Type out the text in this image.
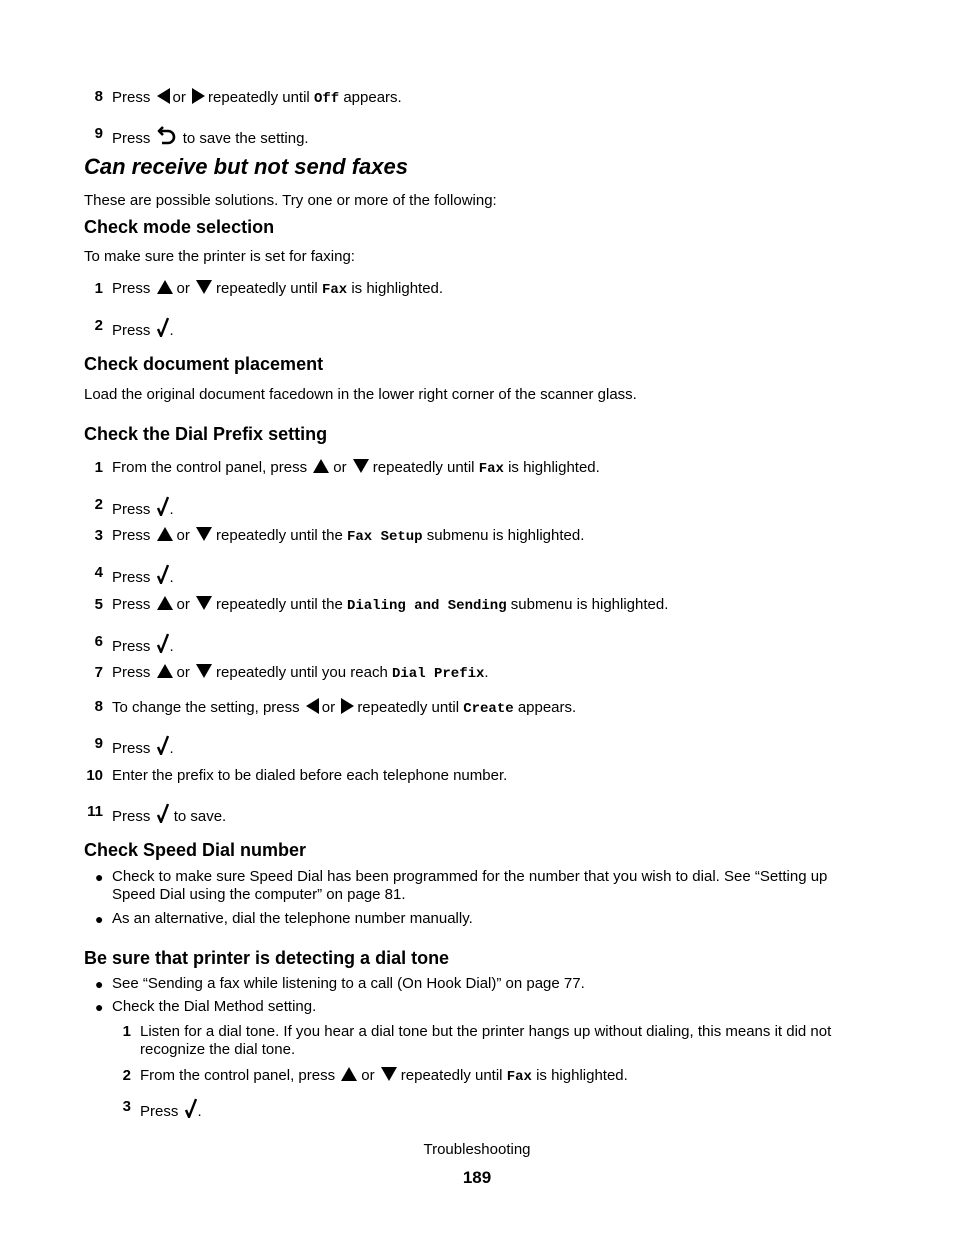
8 Press or repeatedly until Off appears.
9 Press to save the setting.
Can receive but not send faxes
These are possible solutions. Try one or more of the following:
Check mode selection
To make sure the printer is set for faxing:
1 Press or repeatedly until Fax is highlighted.
2 Press .
Check document placement
Load the original document facedown in the lower right corner of the scanner glass.
Check the Dial Prefix setting
1 From the control panel, press or repeatedly until Fax is highlighted.
2 Press .
3 Press or repeatedly until the Fax Setup submenu is highlighted.
4 Press .
5 Press or repeatedly until the Dialing and Sending submenu is highlighted.
6 Press .
7 Press or repeatedly until you reach Dial Prefix.
8 To change the setting, press or repeatedly until Create appears.
9 Press .
10 Enter the prefix to be dialed before each telephone number.
11 Press to save.
Check Speed Dial number
● Check to make sure Speed Dial has been programmed for the number that you wish to dial. See “Setting up Speed Dial using the computer” on page 81.
● As an alternative, dial the telephone number manually.
Be sure that printer is detecting a dial tone
● See “Sending a fax while listening to a call (On Hook Dial)” on page 77.
● Check the Dial Method setting.
1 Listen for a dial tone. If you hear a dial tone but the printer hangs up without dialing, this means it did not recognize the dial tone.
2 From the control panel, press or repeatedly until Fax is highlighted.
3 Press .
Troubleshooting
189
